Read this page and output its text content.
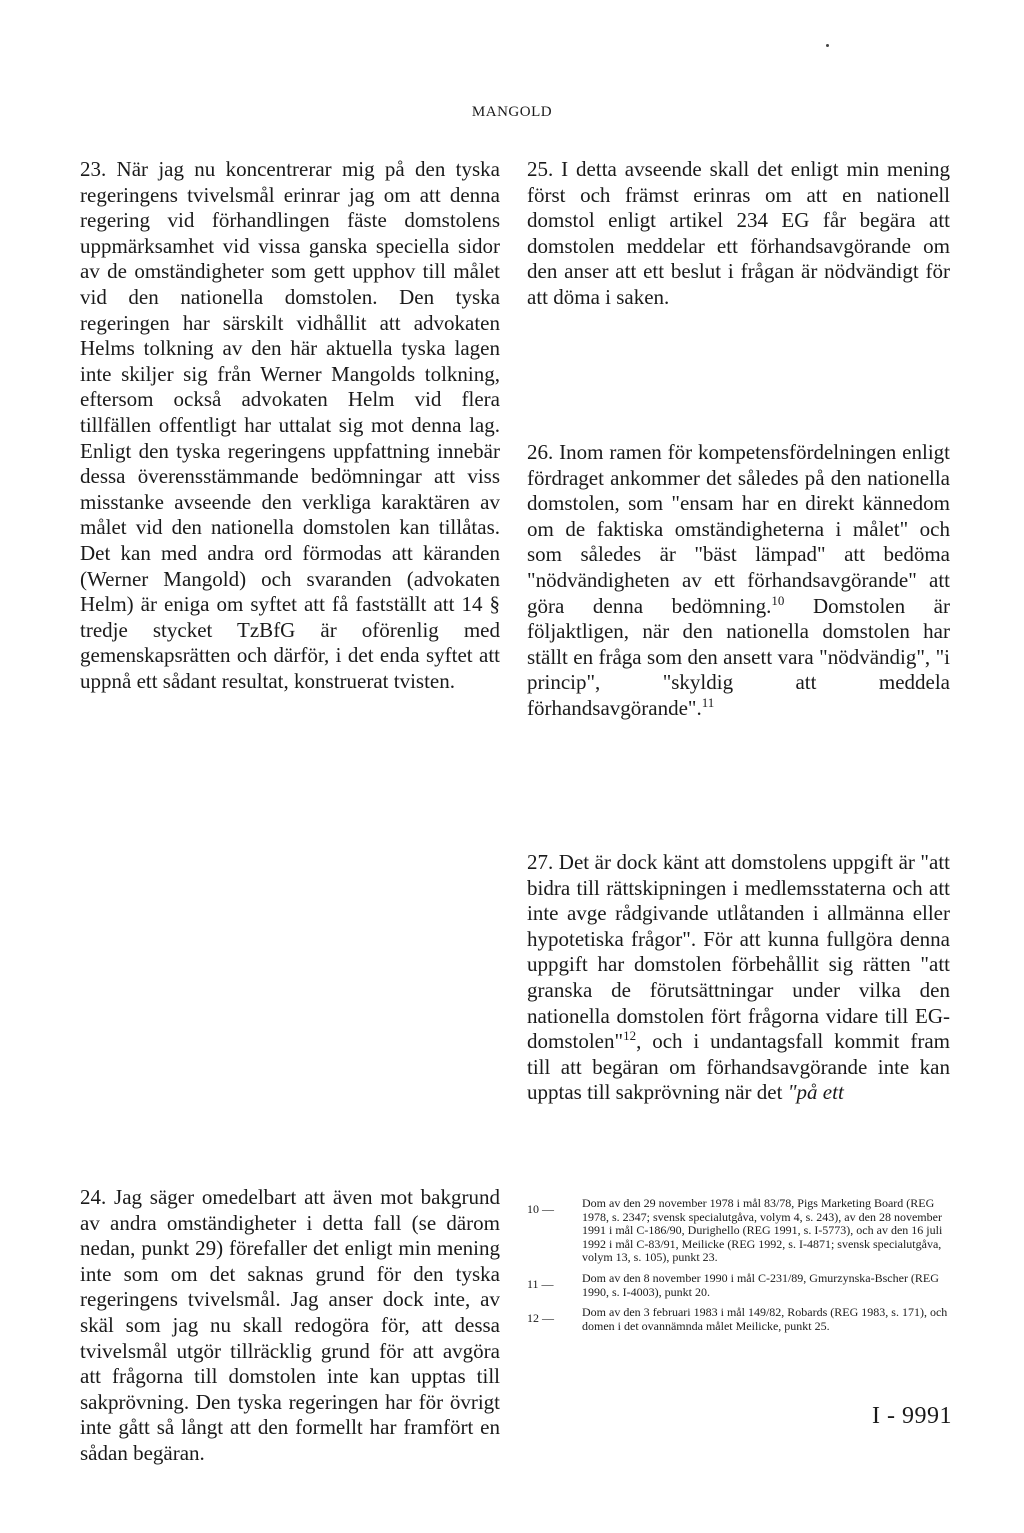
MANGOLD

23. När jag nu koncentrerar mig på den tyska regeringens tvivelsmål erinrar jag om att denna regering vid förhandlingen fäste domstolens uppmärksamhet vid vissa ganska speciella sidor av de omständigheter som gett upphov till målet vid den nationella domstolen. Den tyska regeringen har särskilt vidhållit att advokaten Helms tolkning av den här aktuella tyska lagen inte skiljer sig från Werner Mangolds tolkning, eftersom också advokaten Helm vid flera tillfällen offentligt har uttalat sig mot denna lag. Enligt den tyska regeringens uppfattning innebär dessa överensstämmande bedömningar att viss misstanke avseende den verkliga karaktären av målet vid den nationella domstolen kan tillåtas. Det kan med andra ord förmodas att käranden (Werner Mangold) och svaranden (advokaten Helm) är eniga om syftet att få fastställt att 14 § tredje stycket TzBfG är oförenlig med gemenskapsrätten och därför, i det enda syftet att uppnå ett sådant resultat, konstruerat tvisten.

24. Jag säger omedelbart att även mot bakgrund av andra omständigheter i detta fall (se därom nedan, punkt 29) förefaller det enligt min mening inte som om det saknas grund för den tyska regeringens tvivelsmål. Jag anser dock inte, av skäl som jag nu skall redogöra för, att dessa tvivelsmål utgör tillräcklig grund för att avgöra att frågorna till domstolen inte kan upptas till sakprövning. Den tyska regeringen har för övrigt inte gått så långt att den formellt har framfört en sådan begäran.

25. I detta avseende skall det enligt min mening först och främst erinras om att en nationell domstol enligt artikel 234 EG får begära att domstolen meddelar ett förhandsavgörande om den anser att ett beslut i frågan är nödvändigt för att döma i saken.

26. Inom ramen för kompetensfördelningen enligt fördraget ankommer det således på den nationella domstolen, som "ensam har en direkt kännedom om de faktiska omständigheterna i målet" och som således är "bäst lämpad" att bedöma "nödvändigheten av ett förhandsavgörande" att göra denna bedömning.$^{10}$ Domstolen är följaktligen, när den nationella domstolen har ställt en fråga som den ansett vara "nödvändig", "i princip", "skyldig att meddela förhandsavgörande".$^{11}$

27. Det är dock känt att domstolens uppgift är "att bidra till rättskipningen i medlemsstaterna och att inte avge rådgivande utlåtanden i allmänna eller hypotetiska frågor". För att kunna fullgöra denna uppgift har domstolen förbehållit sig rätten "att granska de förutsättningar under vilka den nationella domstolen fört frågorna vidare till EG-domstolen"$^{12}$, och i undantagsfall kommit fram till att begäran om förhandsavgörande inte kan upptas till sakprövning när det "på ett

10 —	Dom av den 29 november 1978 i mål 83/78, Pigs Marketing Board (REG 1978, s. 2347; svensk specialutgåva, volym 4, s. 243), av den 28 november 1991 i mål C-186/90, Durighello (REG 1991, s. I-5773), och av den 16 juli 1992 i mål C-83/91, Meilicke (REG 1992, s. I-4871; svensk specialutgåva, volym 13, s. 105), punkt 23.
11 —	Dom av den 8 november 1990 i mål C-231/89, Gmurzynska-Bscher (REG 1990, s. I-4003), punkt 20.
12 —	Dom av den 3 februari 1983 i mål 149/82, Robards (REG 1983, s. 171), och domen i det ovannämnda målet Meilicke, punkt 25.
I - 9991
